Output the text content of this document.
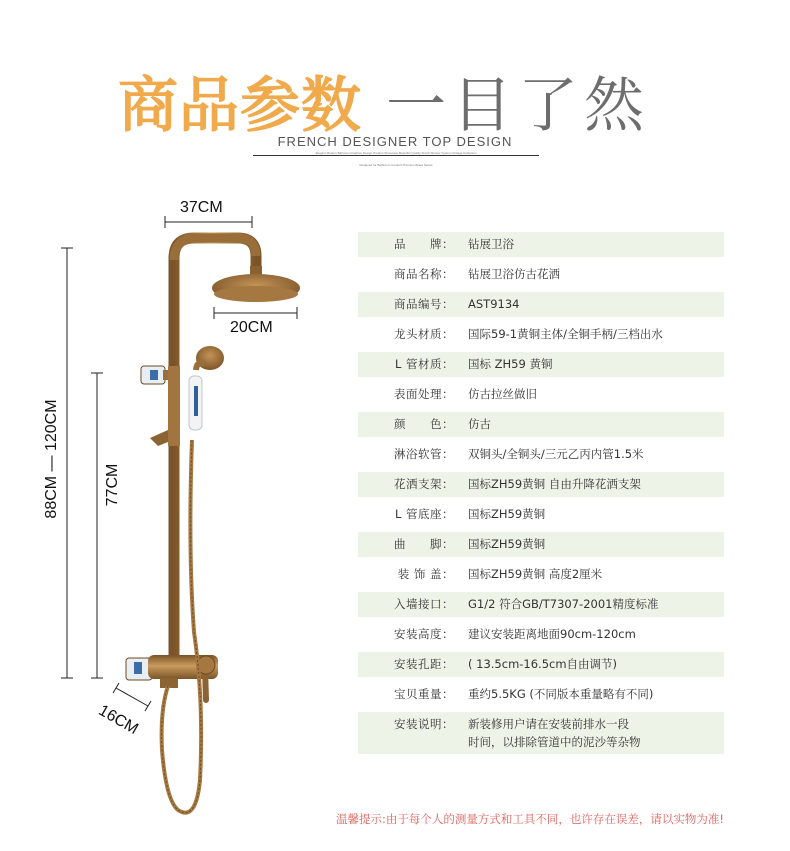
商品参数 一目了然
FRENCH DESIGNER TOP DESIGN
Elegant Modern Bathroom Fashion Design Product Showcase Beautiful Quality Finish Shower System Vintage Collection
Designed for Bathroom Comfort Premium Brass Series
37CM
20CM
88CM — 120CM	77CM
16CM
品　　牌： 钻展卫浴
商品名称： 钻展卫浴仿古花洒
商品编号： AST9134
龙头材质： 国际59-1黄铜主体/全铜手柄/三档出水
L 管材质： 国标 ZH59 黄铜
表面处理： 仿古拉丝做旧
颜　　色： 仿古
淋浴软管： 双铜头/全铜头/三元乙丙内管1.5米
花洒支架： 国标ZH59黄铜 自由升降花洒支架
L 管底座： 国标ZH59黄铜
曲　　脚： 国标ZH59黄铜
装 饰 盖： 国标ZH59黄铜 高度2厘米
入墙接口： G1/2 符合GB/T7307-2001精度标准
安装高度： 建议安装距离地面90cm-120cm
安装孔距： ( 13.5cm-16.5cm自由调节)
宝贝重量： 重约5.5KG (不同版本重量略有不同)
安装说明： 新装修用户请在安装前排水一段
时间，以排除管道中的泥沙等杂物
温馨提示:由于每个人的测量方式和工具不同，也许存在误差，请以实物为准!
